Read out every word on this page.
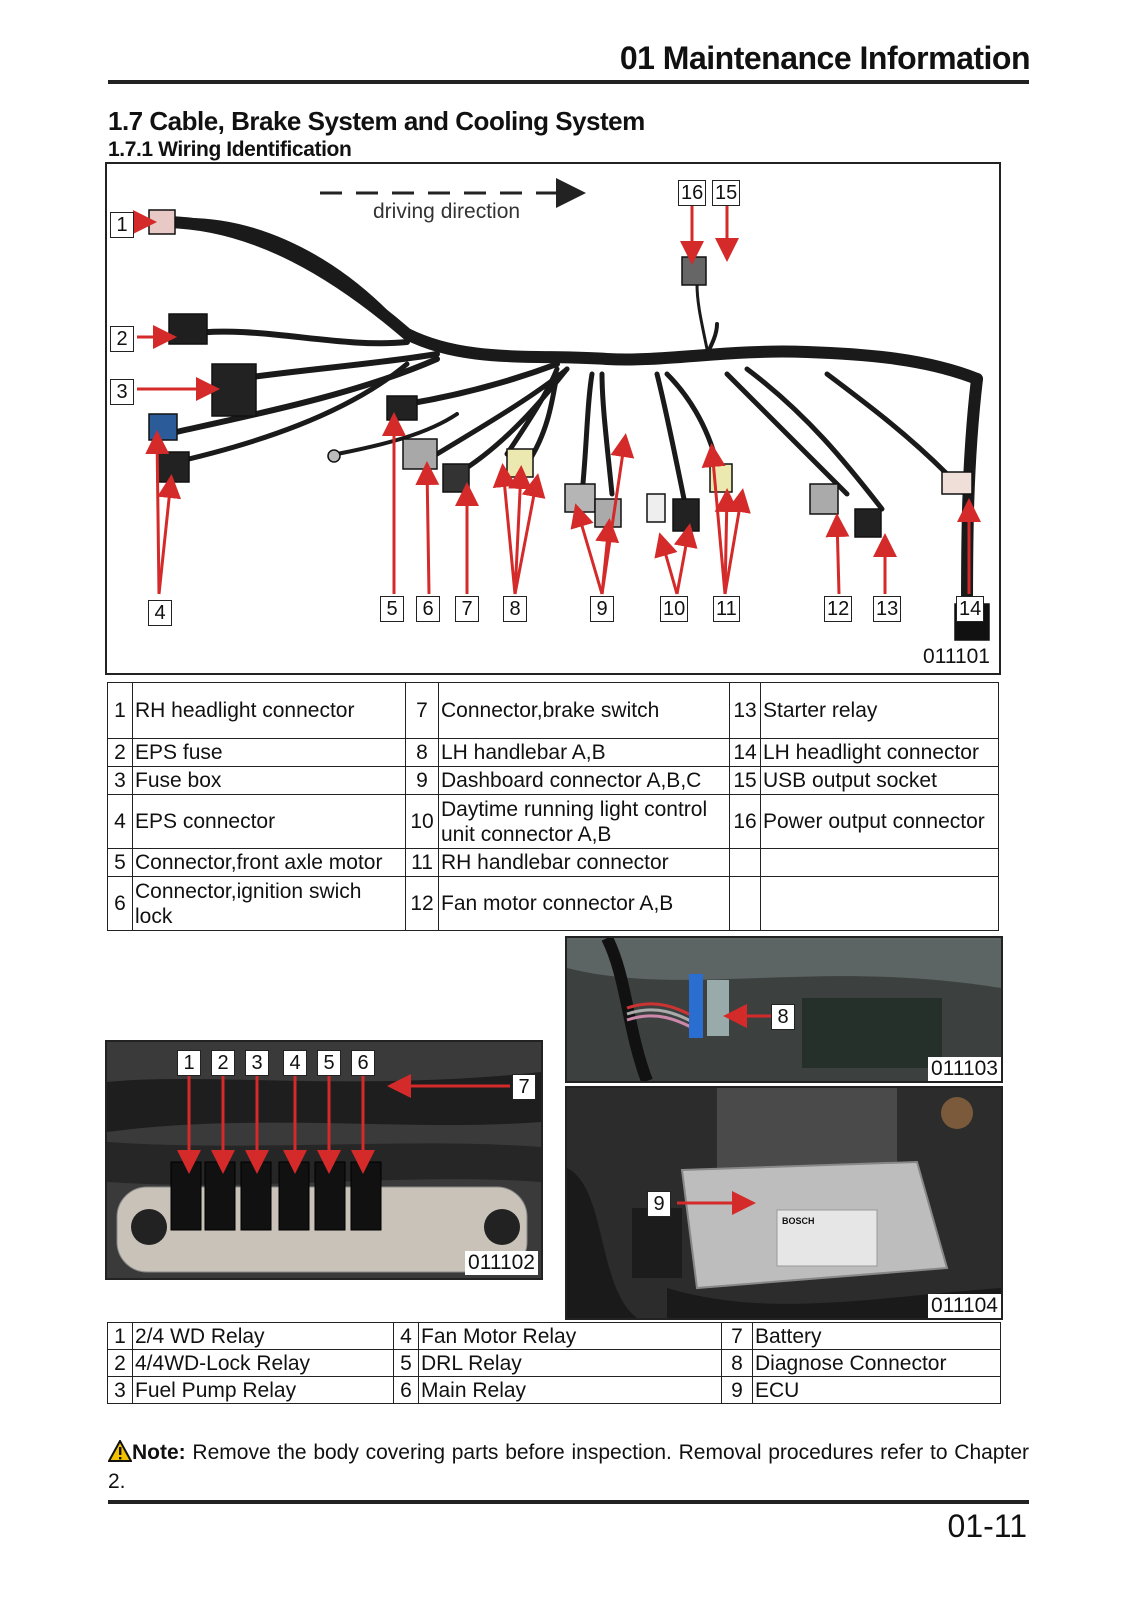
01 Maintenance Information
1.7 Cable, Brake System and Cooling System
1.7.1 Wiring Identification
driving direction
1
2
3
4	5	6	7	8	9	10 11	12 13	14
15
16
011101
1	RH headlight connector	7	Connector,brake switch	13	Starter relay
2	EPS fuse	8	LH handlebar A,B	14	LH headlight connector
3	Fuse box	9	Dashboard connector A,B,C	15	USB output socket
4	EPS connector	10	Daytime running light control unit connector A,B	16	Power output connector
5	Connector,front axle motor	11	RH handlebar connector		
6	Connector,ignition swich lock	12	Fan motor connector A,B		
1	2	3	4	5	6
7
011102
8
011103
BOSCH
9
011104
1	2/4 WD Relay	4	Fan Motor Relay	7	Battery
2	4/4WD-Lock Relay	5	DRL Relay	8	Diagnose Connector
3	Fuel Pump Relay	6	Main Relay	9	ECU
Note: Remove the body covering parts before inspection. Removal procedures refer to Chapter 2.
01-11
